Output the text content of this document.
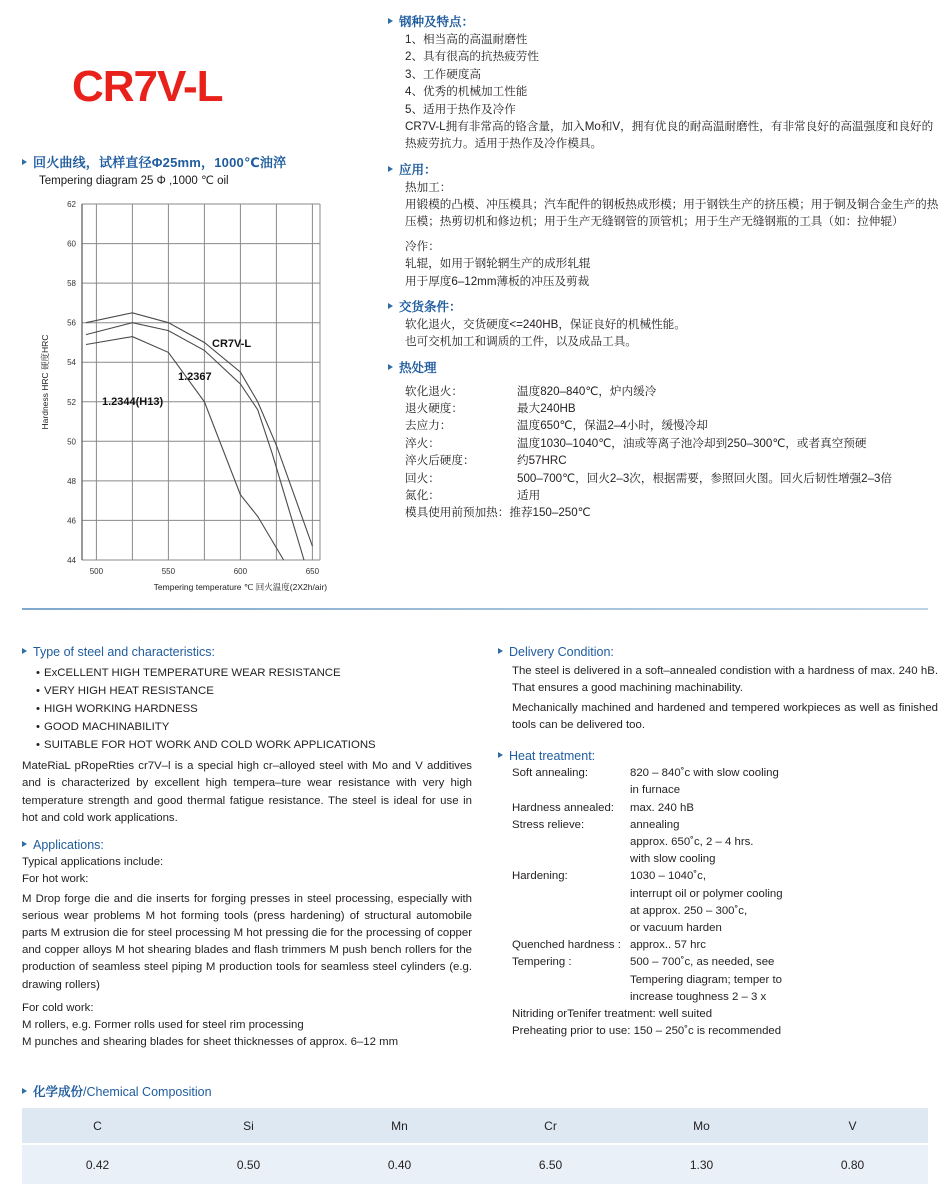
CR7V-L
回火曲线，试样直径Φ25mm，1000℃油淬
Tempering diagram 25 Φ ,1000 ℃ oil
44
46
48
50
52
54
56
58
60
62
500	550	600	650
CR7V-L
1.2367
1.2344(H13)
Tempering temperature ℃ 回火温度(2X2h/air)
Hardness HRC 硬度HRC
钢种及特点：
1、相当高的高温耐磨性
2、具有很高的抗热疲劳性
3、工作硬度高
4、优秀的机械加工性能
5、适用于热作及冷作
CR7V-L拥有非常高的铬含量，加入Mo和V，拥有优良的耐高温耐磨性，有非常良好的高温强度和良好的热疲劳抗力。适用于热作及冷作模具。
应用：
热加工：
用锻模的凸模、冲压模具；汽车配件的钢板热成形模；用于钢铁生产的挤压模；用于铜及铜合金生产的热压模；热剪切机和修边机；用于生产无缝钢管的顶管机；用于生产无缝钢瓶的工具（如：拉伸辊）
冷作：
轧辊，如用于钢轮辋生产的成形轧辊
用于厚度6–12mm薄板的冲压及剪裁
交货条件：
软化退火，交货硬度<=240HB，保证良好的机械性能。
也可交机加工和调质的工件，以及成品工具。
热处理
软化退火：	温度820–840℃，炉内缓冷
退火硬度：	最大240HB
去应力：	温度650℃，保温2–4小时，缓慢冷却
淬火：	温度1030–1040℃，油或等离子池冷却到250–300℃，或者真空预硬
淬火后硬度：	约57HRC
回火：	500–700℃，回火2–3次，根据需要，参照回火图。回火后韧性增强2–3倍
氮化：	适用
模具使用前预加热：推荐150–250℃
Type of steel and characteristics:
• ExCELLENT HIGH TEMPERATURE WEAR RESISTANCE
• VERY HIGH HEAT RESISTANCE
• HIGH WORKING HARDNESS
• GOOD MACHINABILITY
• SUITABLE FOR HOT WORK AND COLD WORK APPLICATIONS

MateRiaL pRopeRties cr7V–l is a special high cr–alloyed steel with Mo and V additives and is characterized by excellent high tempera–ture wear resistance with very high temperature strength and good thermal fatigue resistance. The steel is ideal for use in hot and cold work applications.

Applications:

Typical applications include:

For hot work:

M Drop forge die and die inserts for forging presses in steel processing, especially with serious wear problems M hot forming tools (press hardening) of structural automobile parts M extrusion die for steel processing M hot pressing die for the processing of copper and copper alloys M hot shearing blades and flash trimmers M push bench rollers for the production of seamless steel piping M production tools for seamless steel cylinders (e.g. drawing rollers)

For cold work:

M rollers, e.g. Former rolls used for steel rim processing

M punches and shearing blades for sheet thicknesses of approx. 6–12 mm

Delivery Condition:

The steel is delivered in a soft–annealed condistion with a hardness of max. 240 hB. That ensures a good machining machinability.

Mechanically machined and hardened and tempered workpieces as well as finished tools can be delivered too.

Heat treatment:
Soft annealing:	820 – 840˚c with slow cooling
in furnace
Hardness annealed:	max. 240 hB
Stress relieve:	annealing
approx. 650˚c, 2 – 4 hrs.
with slow cooling
Hardening:	1030 – 1040˚c,
interrupt oil or polymer cooling
at approx. 250 – 300˚c,
or vacuum harden
Quenched hardness : approx.. 57 hrc
Tempering :	500 – 700˚c, as needed, see
Tempering diagram; temper to
increase toughness 2 – 3 x
Nitriding orTenifer treatment: well suited
Preheating prior to use: 150 – 250˚c is recommended
化学成份/Chemical Composition
C	Si	Mn	Cr	Mo	V
0.42	0.50	0.40	6.50	1.30	0.80
